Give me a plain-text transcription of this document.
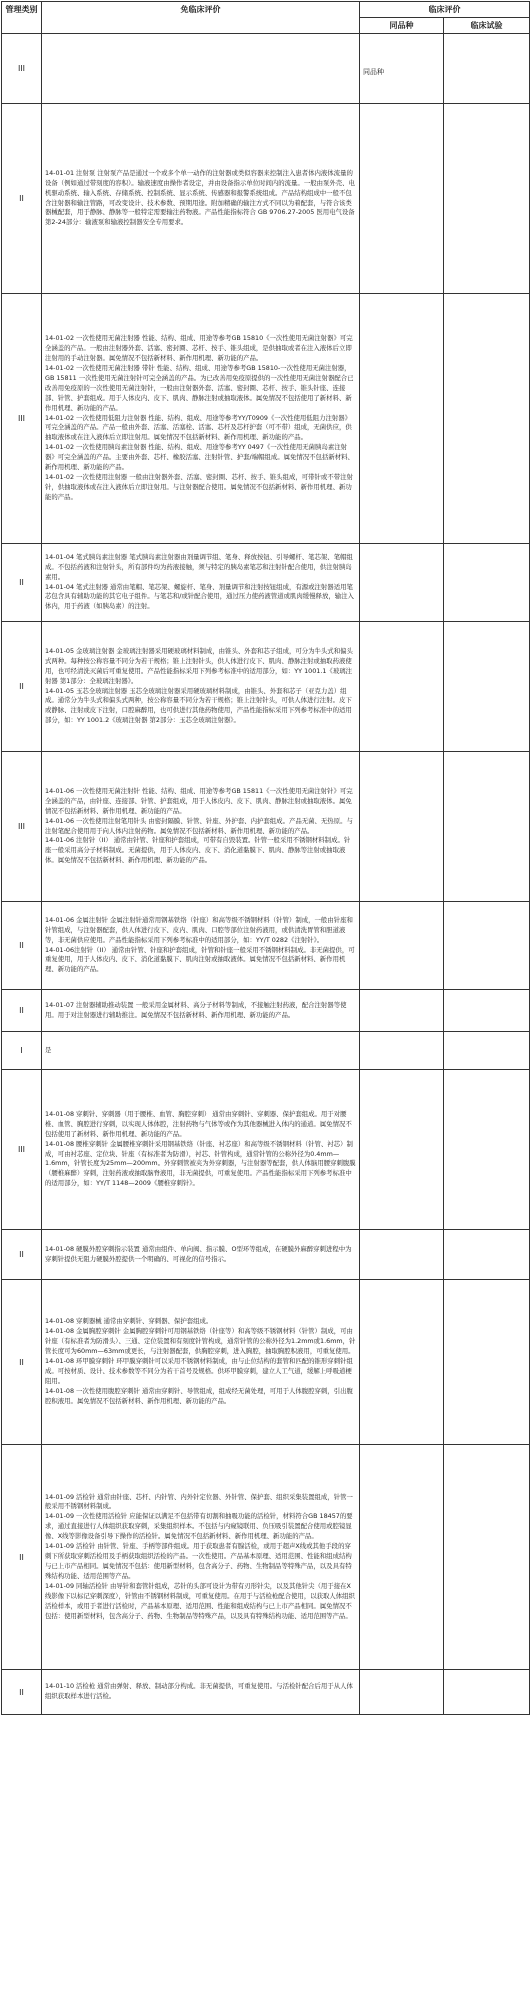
管理类别	免临床评价	临床评价	
		同品种	临床试验
III		同品种	
II	14-01-01 注射泵 注射泵产品是通过一个或多个单一动作的注射器或类似容器来控制注入患者体内液体流量的设备（例如通过带刻度的容积）。输液速度由操作者设定，并由设备指示单位时间内的流量。一般由泵外壳、电机驱动系统、输入系统、存储系统、控制系统、显示系统、传感器和报警系统组成。产品结构组成中一般不包含注射器和输注管路，可改变设计、技术参数、预期用途。附加精确的输注方式不同以为着配套，与符合该类器械配套，用于静脉、静脉等一般特定需要输注药物液。产品性能指标符合 GB 9706.27-2005 医用电气设备 第2-24部分：输液泵和输液控制器安全专用要求。		

III	14-01-02 一次性使用无菌注射器 性能、结构、组成、用途等参考GB 15810《一次性使用无菌注射器》可完全涵盖的产品。一般由注射器外套、活塞、密封圈、芯杆、按手、锥头组成，是供抽取或者在注入液体后立即注射用的手动注射器。属免情况不包括新材料、新作用机理、新功能的产品。

14-01-02 一次性使用无菌注射器 带针 性能、结构、组成、用途等参考GB 15810-一次性使用无菌注射器，GB 15811 一次性使用无菌注射针可完全涵盖的产品。为已改善用免疫原提供的一次性使用无菌注射器配合已改善用免疫原的一次性使用无菌注射针，一般由注射器外套、活塞、密封圈、芯杆、按手、锥头针座、连接部、针管、护套组成。用于人体皮内、皮下、肌肉、静脉注射或抽取液体。属免情况不包括使用了新材料、新作用机理、新功能的产品。

14-01-02 一次性使用低阻力注射器 性能、结构、组成、用途等参考YY/T0909《一次性使用低阻力注射器》可完全涵盖的产品。产品一般由外套、活塞、活塞栓、活塞、芯杆及芯杆护套（可不带）组成，无菌供应，供抽取液体或在注入液体后立即注射用。属免情况不包括新材料、新作用机理、新功能的产品。

14-01-02 一次性使用胰岛素注射器 性能、结构、组成、用途等参考YY 0497《一次性使用无菌胰岛素注射器》可完全涵盖的产品。主要由外套、芯杆、橡胶活塞、注射针管、护套/端帽组成。属免情况不包括新材料、新作用机理、新功能的产品。

14-01-02 一次性使用注射器 一般由注射器外套、活塞、密封圈、芯杆、按手、锥头组成，可带针或不带注射针，供抽取液体或在注入液体后立即注射用。与注射器配合使用。属免情况不包括新材料、新作用机理、新功能的产品。		

II	14-01-04 笔式胰岛素注射器 笔式胰岛素注射器由剂量调节组、笔身、释放按钮、引导螺杆、笔芯架、笔帽组成。不包括药液和注射针头，所有部件均为药液接触，须与特定的胰岛素笔芯和注射针配合使用，供注射胰岛素用。

14-01-04 笔式注射器 通常由笔帽、笔芯架、螺旋杆、笔身、剂量调节和注射按钮组成，有源或注射器适用笔芯包含具有辅助功能的其它电子组件。与笔芯和/或针配合使用，通过压力使药液管道或肌肉缓慢释放，输注入体内，用于药液（如胰岛素）的注射。		

II	14-01-05 金玻璃注射器 金玻璃注射器采用硬玻璃材料制成，由锥头、外套和芯子组成，可分为牛头式和偏头式两种。每种按公称容量不同分为若干规格；锥上注射针头，供人体进行皮下、肌肉、静脉注射或抽取药液使用，也可经清洗灭菌后可重复使用。产品性能指标采用下列参考标准中的适用部分，如：YY 1001.1《玻璃注射器 第1部分：全玻璃注射器》。

14-01-05 玉芯全玻璃注射器 玉芯全玻璃注射器采用硬玻璃材料制成，由锥头、外套和芯子（亚克力盖）组成。通常分为牛头式和偏头式两种，按公称容量不同分为若干规格；锥上注射针头，可供人体进行注射。皮下或静脉、注射或皮下注射，口腔麻醉用，也可供进行其他药物使用，产品性能指标采用下列参考标准中的适用部分，如：YY 1001.2《玻璃注射器 第2部分：玉芯全玻璃注射器》。		

III	14-01-06 一次性使用无菌注射针 性能、结构、组成、用途等参考GB 15811《一次性使用无菌注射针》可完全涵盖的产品，由针座、连接部、针管、护套组成，用于人体皮内、皮下、肌肉、静脉注射或抽取液体。属免情况不包括新材料、新作用机理、新功能的产品。

14-01-06 一次性使用注射笔用针头 由密封隔膜、针管、针座、外护套、内护套组成。产品无菌、无热原。与注射笔配合使用用于向人体内注射药物。属免情况不包括新材料、新作用机理、新功能的产品。

14-01-06 注射针（II） 通常由针管、针座和护套组成，可带有自毁装置。针管一般采用不锈钢材料制成。针座一般采用高分子材料制成。无菌提供，用于人体皮内、皮下、消化道黏膜下、肌肉、静脉等注射或抽取液体。属免情况不包括新材料、新作用机理、新功能的产品。		

II	14-01-06 金属注射针 金属注射针通常用钢基铁络（针座）和高等级不锈钢材料（针管）制成，一般由针座和针管组成，与注射器配套，供人体进行皮下、皮内、肌肉、口腔等部位注射药液用，或供清洗胃管和胆道液等，非无菌供应使用。产品性能指标采用下列参考标准中的适用部分，如：YY/T 0282《注射针》。

14-01-06注射针（II） 通常由针管、针座和护套组成，针管和针座一般采用不锈钢材料制成。非无菌提供，可重复使用，用于人体皮内、皮下、消化道黏膜下、肌肉注射或抽取液体。属免情况不包括新材料、新作用机理、新功能的产品。		

II	14-01-07 注射器辅助推动装置 一般采用金属材料、高分子材料等制成，不接触注射药液，配合注射器等使用。用于对注射器进行辅助推注。属免情况不包括新材料、新作用机理、新功能的产品。		

I	是		

III	14-01-08 穿刺针、穿刺器（用于腰椎、血管、胸腔穿刺） 通常由穿刺针、穿刺器、保护套组成。用于对腰椎、血管、胸腔进行穿刺，以实现人体体腔，注射药物与气体等或作为其他器械进入体内的通道。属免情况不包括使用了新材料、新作用机理、新功能的产品。

14-01-08 腰椎穿刺针 金属腰椎穿刺针采用钢基铁络（针座、衬芯座）和高等级不锈钢材料（针管、衬芯）制成，可由衬芯座、定位块、针座（有标准者为防滑），衬芯、针管构成，通常针管的公称外径为0.4mm—1.6mm，针管长度为25mm—200mm。外穿刺管被夹为外穿刺器，与注射器等配套，供人体脑用腰穿刺腹膜（腰椎麻醉）穿刺，注射药液或抽取脑脊液用，非无菌提供，可重复使用。产品性能指标采用下列参考标准中的适用部分，如：YY/T 1148—2009《腰椎穿刺针》。		

II	14-01-08 硬膜外腔穿刺指示装置 通常由组件、单向阀、指示膜、O型环等组成，在硬膜外麻醉穿刺进程中为穿刺针提供无阻力硬膜外腔提供一个明确的、可视化的信号指示。		

II	14-01-08 穿刺器械 通常由穿刺针、穿刺器、保护套组成。

14-01-08 金属胸腔穿刺针 金属胸腔穿刺针可用钢基铁络（针座等）和高等级不锈钢材料（针管）制成，可由针座（有标准者为防滑头）、三通、定位装置和有刻度针管构成，通常针管的公称外径为1.2mm或1.6mm，针管长度可为60mm—63mm或更长，与注射器配套，供胸腔穿刺，进入胸腔，抽取胸腔积液用，可重复使用。

14-01-08 环甲膜穿刺针 环甲膜穿刺针可以采用不锈钢材料制成，由与止位结构的套管和匹配的锥形穿刺针组成。可按材质、设计、技术参数等不同分为若干首号及规格。供环甲膜穿刺，建立人工气道，缓解上呼吸道梗阻用。

14-01-08 一次性使用腹腔穿刺针 通常由穿刺针、导管组成，组成经无菌处理，可用于人体腹腔穿刺，引出腹腔积液用。属免情况不包括新材料、新作用机理、新功能的产品。		

II	14-01-09 活检针 通常由针座、芯杆、内针管、内外针定位器、外针管、保护套、组织采集装置组成，针管一般采用不锈钢材料制成。

14-01-09 一次性使用活检针 应能保证以满足不包括带有切割和抽吸功能的活检针，材料符合GB 18457的要求，通过直接进行人体组织获取穿刺，采集组织样本。不包括与内窥镜联用、负压吸引装置配合使用或腔镜显像、X线等影像设备引导下操作的活检针。属免情况不包括新材料、新作用机理、新功能的产品。

14-01-09 活检针 由针管、针座、手柄等部件组成。用于获取患者有腺活检，或用于超声X线或其他手段的穿刺下所获取穿刺活检用及手柄获取组织活检的产品。一次性使用。产品基本原理、适用范围、性能和组成结构与已上市产品相同。属免情况不包括：使用新型材料，包含高分子、药物、生物制品等特殊产品，以及具有特殊结构功能、适用范围等产品。

14-01-09 同轴活检针 由导针和套管针组成，芯针的头部可设计为带有刃形针尖，以及其他针尖（用于接在X线影像下以标记穿刺深度），针管由不锈钢材料制成，可重复使用。在用于与活检枪配合使用，以获取人体组织活检样本，或用于者进行活检时，产品基本原理、适用范围、性能和组成结构与已上市产品相同。属免情况不包括：使用新型材料，包含高分子、药物、生物制品等特殊产品，以及具有特殊结构功能、适用范围等产品。		

II	14-01-10 活检枪 通常由弹射、释放、制动部分构成。非无菌提供，可重复使用。与活检针配合后用于从人体组织获取样本进行活检。		
